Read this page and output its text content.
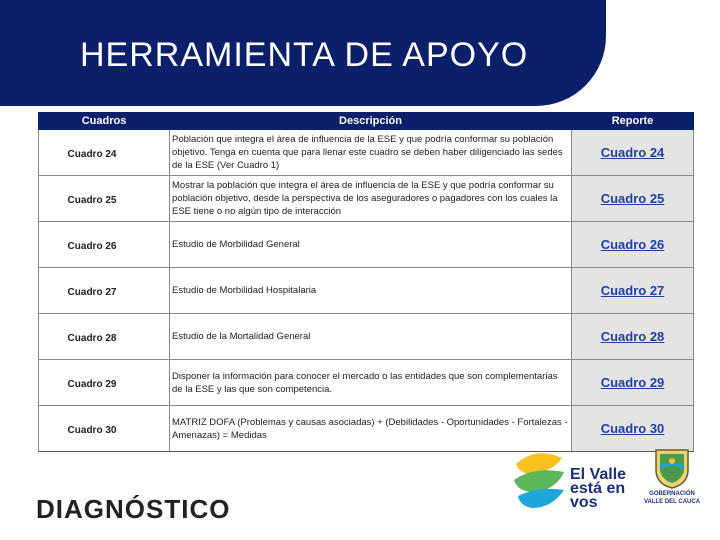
HERRAMIENTA DE APOYO
Cuadros	Descripción	Reporte
Cuadro 24	Población que integra el área de influencia de la ESE y que podría conformar su población objetivo. Tenga en cuenta que para llenar este cuadro se deben haber diligenciado las sedes de la ESE (Ver Cuadro 1)	Cuadro 24
Cuadro 25	Mostrar la población que integra el área de influencia de la ESE y que podría conformar su población objetivo, desde la perspectiva de los aseguradores o pagadores con los cuales la ESE tiene o no algún tipo de interacción	Cuadro 25
Cuadro 26	Estudio de Morbilidad General	Cuadro 26
Cuadro 27	Estudio de Morbilidad Hospitalaria	Cuadro 27
Cuadro 28	Estudio de la Mortalidad General	Cuadro 28
Cuadro 29	Disponer la información para conocer el mercado o las entidades que son complementarias de la ESE y las que son competencia.	Cuadro 29
Cuadro 30	MATRIZ DOFA (Problemas y causas asociadas) + (Debilidades - Oportunidades - Fortalezas - Amenazas) = Medidas	Cuadro 30
DIAGNÓSTICO
El Valle
está en
vos	GOBERNACIÓN
VALLE DEL CAUCA
